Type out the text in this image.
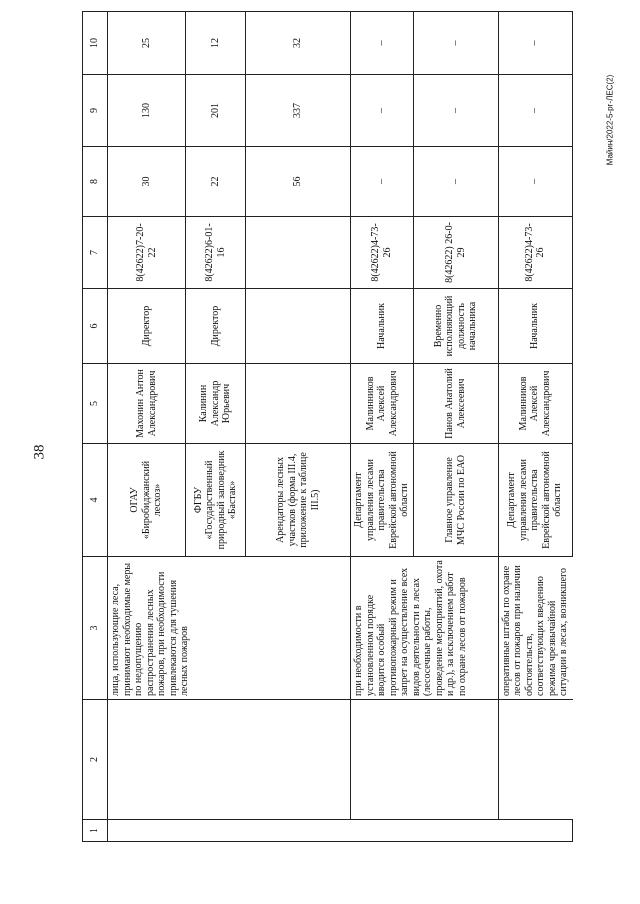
38
Майин/2022-5-рг-ЛЕС(2)
1	2	3	4	5	6	7	8	9	10
		лица, использующие леса, принимают необходимые меры по недопущению распространения лесных пожаров, при необходимости привлекаются для тушения лесных пожаров	ОГАУ «Биробиджанский лесхоз»	Махонин Антон Александрович	Директор	8(42622)7-20-22	30	130	25
			ФГБУ «Государственный природный заповедник «Бастак»	Калинин Александр Юрьевич	Директор	8(42622)6-01-16	22	201	12
			Арендаторы лесных участков (форма III.4, приложение к таблице III.5)				56	337	32
		при необходимости в установленном порядке вводится особый противопожарный режим и запрет на осуществление всех видов деятельности в лесах (лесосечные работы, проведение мероприятий, охота и др.), за исключением работ по охране лесов от пожаров	Департамент управления лесами правительства Еврейской автономной области	Малинников Алексей Александрович	Начальник	8(42622)4-73-26	–	–	–
			Главное управление МЧС России по ЕАО	Панов Анатолий Алексеевич	Временно исполняющий должность начальника	8(42622) 26-0-29	–	–	–
		оперативные штабы по охране лесов от пожаров при наличии обстоятельств, соответствующих введению режима чрезвычайной ситуации в лесах, возникшего	Департамент управления лесами правительства Еврейской автономной области	Малинников Алексей Александрович	Начальник	8(42622)4-73-26	–	–	–
